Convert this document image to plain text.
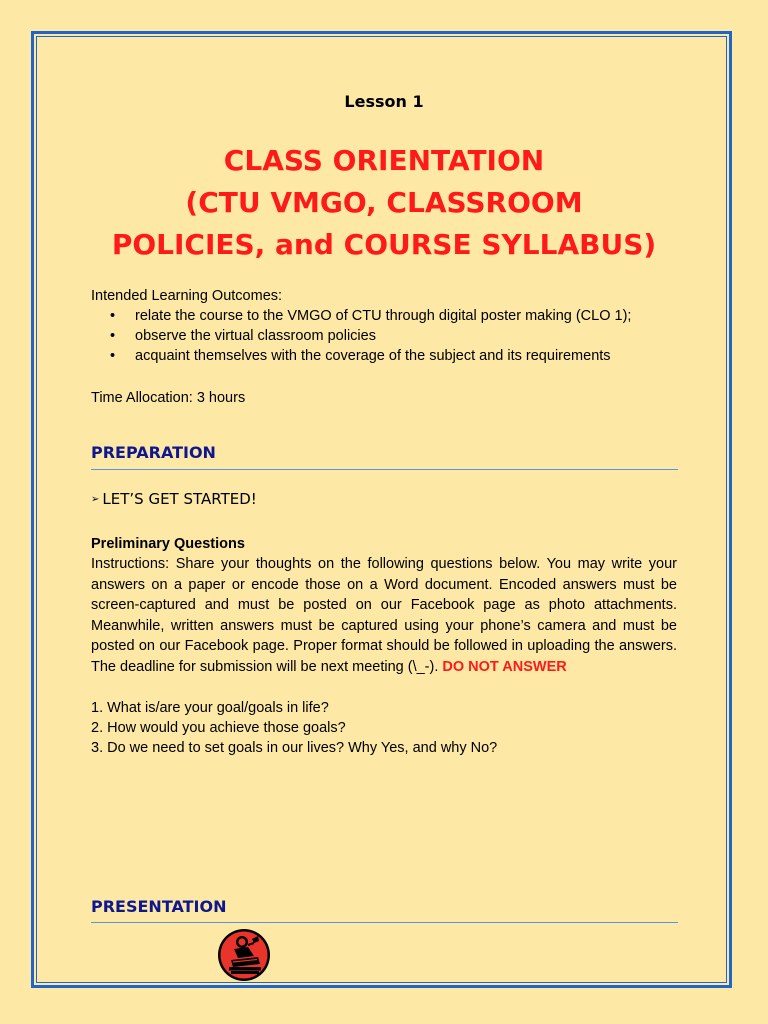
Lesson 1
CLASS ORIENTATION
(CTU VMGO, CLASSROOM
POLICIES, and COURSE SYLLABUS)
Intended Learning Outcomes:
• relate the course to the VMGO of CTU through digital poster making (CLO 1);
• observe the virtual classroom policies
• acquaint themselves with the coverage of the subject and its requirements
Time Allocation: 3 hours
PREPARATION
➢ LET’S GET STARTED!
Preliminary Questions
Instructions: Share your thoughts on the following questions below. You may write your answers on a paper or encode those on a Word document. Encoded answers must be screen-captured and must be posted on our Facebook page as photo attachments. Meanwhile, written answers must be captured using your phone’s camera and must be posted on our Facebook page. Proper format should be followed in uploading the answers. The deadline for submission will be next meeting (\_-). DO NOT ANSWER
1. What is/are your goal/goals in life?
2. How would you achieve those goals?
3. Do we need to set goals in our lives? Why Yes, and why No?
PRESENTATION
